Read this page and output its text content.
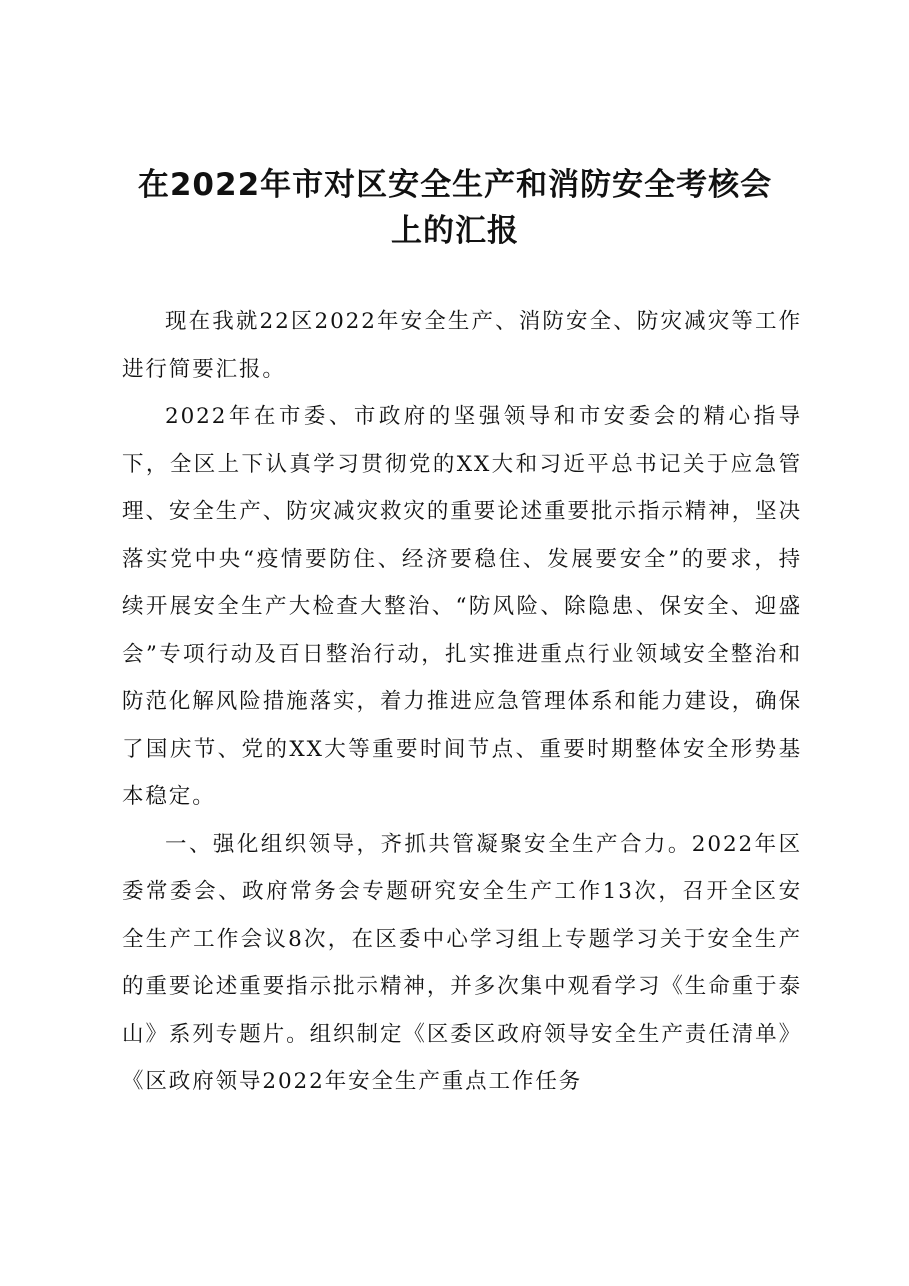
在2022年市对区安全生产和消防安全考核会
上的汇报

现在我就22区2022年安全生产、消防安全、防灾减灾等工作进行简要汇报。

2022年在市委、市政府的坚强领导和市安委会的精心指导下，全区上下认真学习贯彻党的XX大和习近平总书记关于应急管理、安全生产、防灾减灾救灾的重要论述重要批示指示精神，坚决落实党中央“疫情要防住、经济要稳住、发展要安全”的要求，持续开展安全生产大检查大整治、“防风险、除隐患、保安全、迎盛会”专项行动及百日整治行动，扎实推进重点行业领域安全整治和防范化解风险措施落实，着力推进应急管理体系和能力建设，确保了国庆节、党的XX大等重要时间节点、重要时期整体安全形势基本稳定。

一、强化组织领导，齐抓共管凝聚安全生产合力。2022年区委常委会、政府常务会专题研究安全生产工作13次，召开全区安全生产工作会议8次，在区委中心学习组上专题学习关于安全生产的重要论述重要指示批示精神，并多次集中观看学习《生命重于泰山》系列专题片。组织制定《区委区政府领导安全生产责任清单》《区政府领导2022年安全生产重点工作任务
